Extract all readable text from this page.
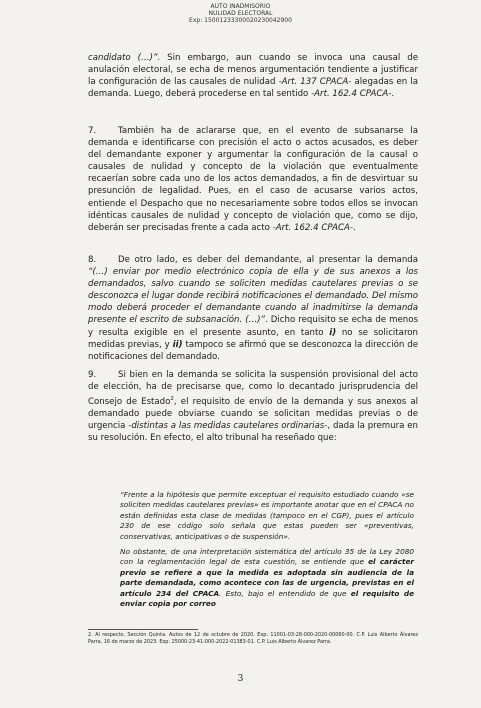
AUTO INADMISORIO
NULIDAD ELECTORAL
Exp: 15001233300020230042900

candidato (…)”. Sin embargo, aun cuando se invoca una causal de anulación electoral, se echa de menos argumentación tendiente a justificar la configuración de las causales de nulidad -Art. 137 CPACA- alegadas en la demanda. Luego, deberá procederse en tal sentido -Art. 162.4 CPACA-.

7.	También ha de aclararse que, en el evento de subsanarse la demanda e identificarse con precisión el acto o actos acusados, es deber del demandante exponer y argumentar la configuración de la causal o causales de nulidad y concepto de la violación que eventualmente recaerían sobre cada uno de los actos demandados, a fin de desvirtuar su presunción de legalidad. Pues, en el caso de acusarse varios actos, entiende el Despacho que no necesariamente sobre todos ellos se invocan idénticas causales de nulidad y concepto de violación que, como se dijo, deberán ser precisadas frente a cada acto -Art. 162.4 CPACA-.

8.	De otro lado, es deber del demandante, al presentar la demanda “(…) enviar por medio electrónico copia de ella y de sus anexos a los demandados, salvo cuando se soliciten medidas cautelares previas o se desconozca el lugar donde recibirá notificaciones el demandado. Del mismo modo deberá proceder el demandante cuando al inadmitirse la demanda presente el escrito de subsanación. (…)”. Dicho requisito se echa de menos y resulta exigible en el presente asunto, en tanto i) no se solicitaron medidas previas, y ii) tampoco se afirmó que se desconozca la dirección de notificaciones del demandado.

9.	Si bien en la demanda se solicita la suspensión provisional del acto de elección, ha de precisarse que, como lo decantado jurisprudencia del Consejo de Estado$^2$, el requisito de envío de la demanda y sus anexos al demandado puede obviarse cuando se solicitan medidas previas o de urgencia -distintas a las medidas cautelares ordinarias-, dada la premura en su resolución. En efecto, el alto tribunal ha reseñado que:

“Frente a la hipótesis que permite exceptuar el requisito estudiado cuando «se soliciten medidas cautelares previas» es importante anotar que en el CPACA no están definidas esta clase de medidas (tampoco en el CGP), pues el artículo 230 de ese código solo señala que estas pueden ser «preventivas, conservativas, anticipativas o de suspensión».

No obstante, de una interpretación sistemática del artículo 35 de la Ley 2080 con la reglamentación legal de esta cuestión, se entiende que el carácter previo se refiere a que la medida es adoptada sin audiencia de la parte demandada, como acontece con las de urgencia, previstas en el artículo 234 del CPACA. Esto, bajo el entendido de que el requisito de enviar copia por correo

2. Al respecto, Sección Quinta. Autos de 12 de octubre de 2020. Exp: 11001-03-28-000-2020-00060-00. C.P. Luis Alberto Álvarez Parra, 16 de marzo de 2023. Exp: 25000-23-41-000-2022-01383-01. C.P. Luis Alberto Álvarez Parra.

3
